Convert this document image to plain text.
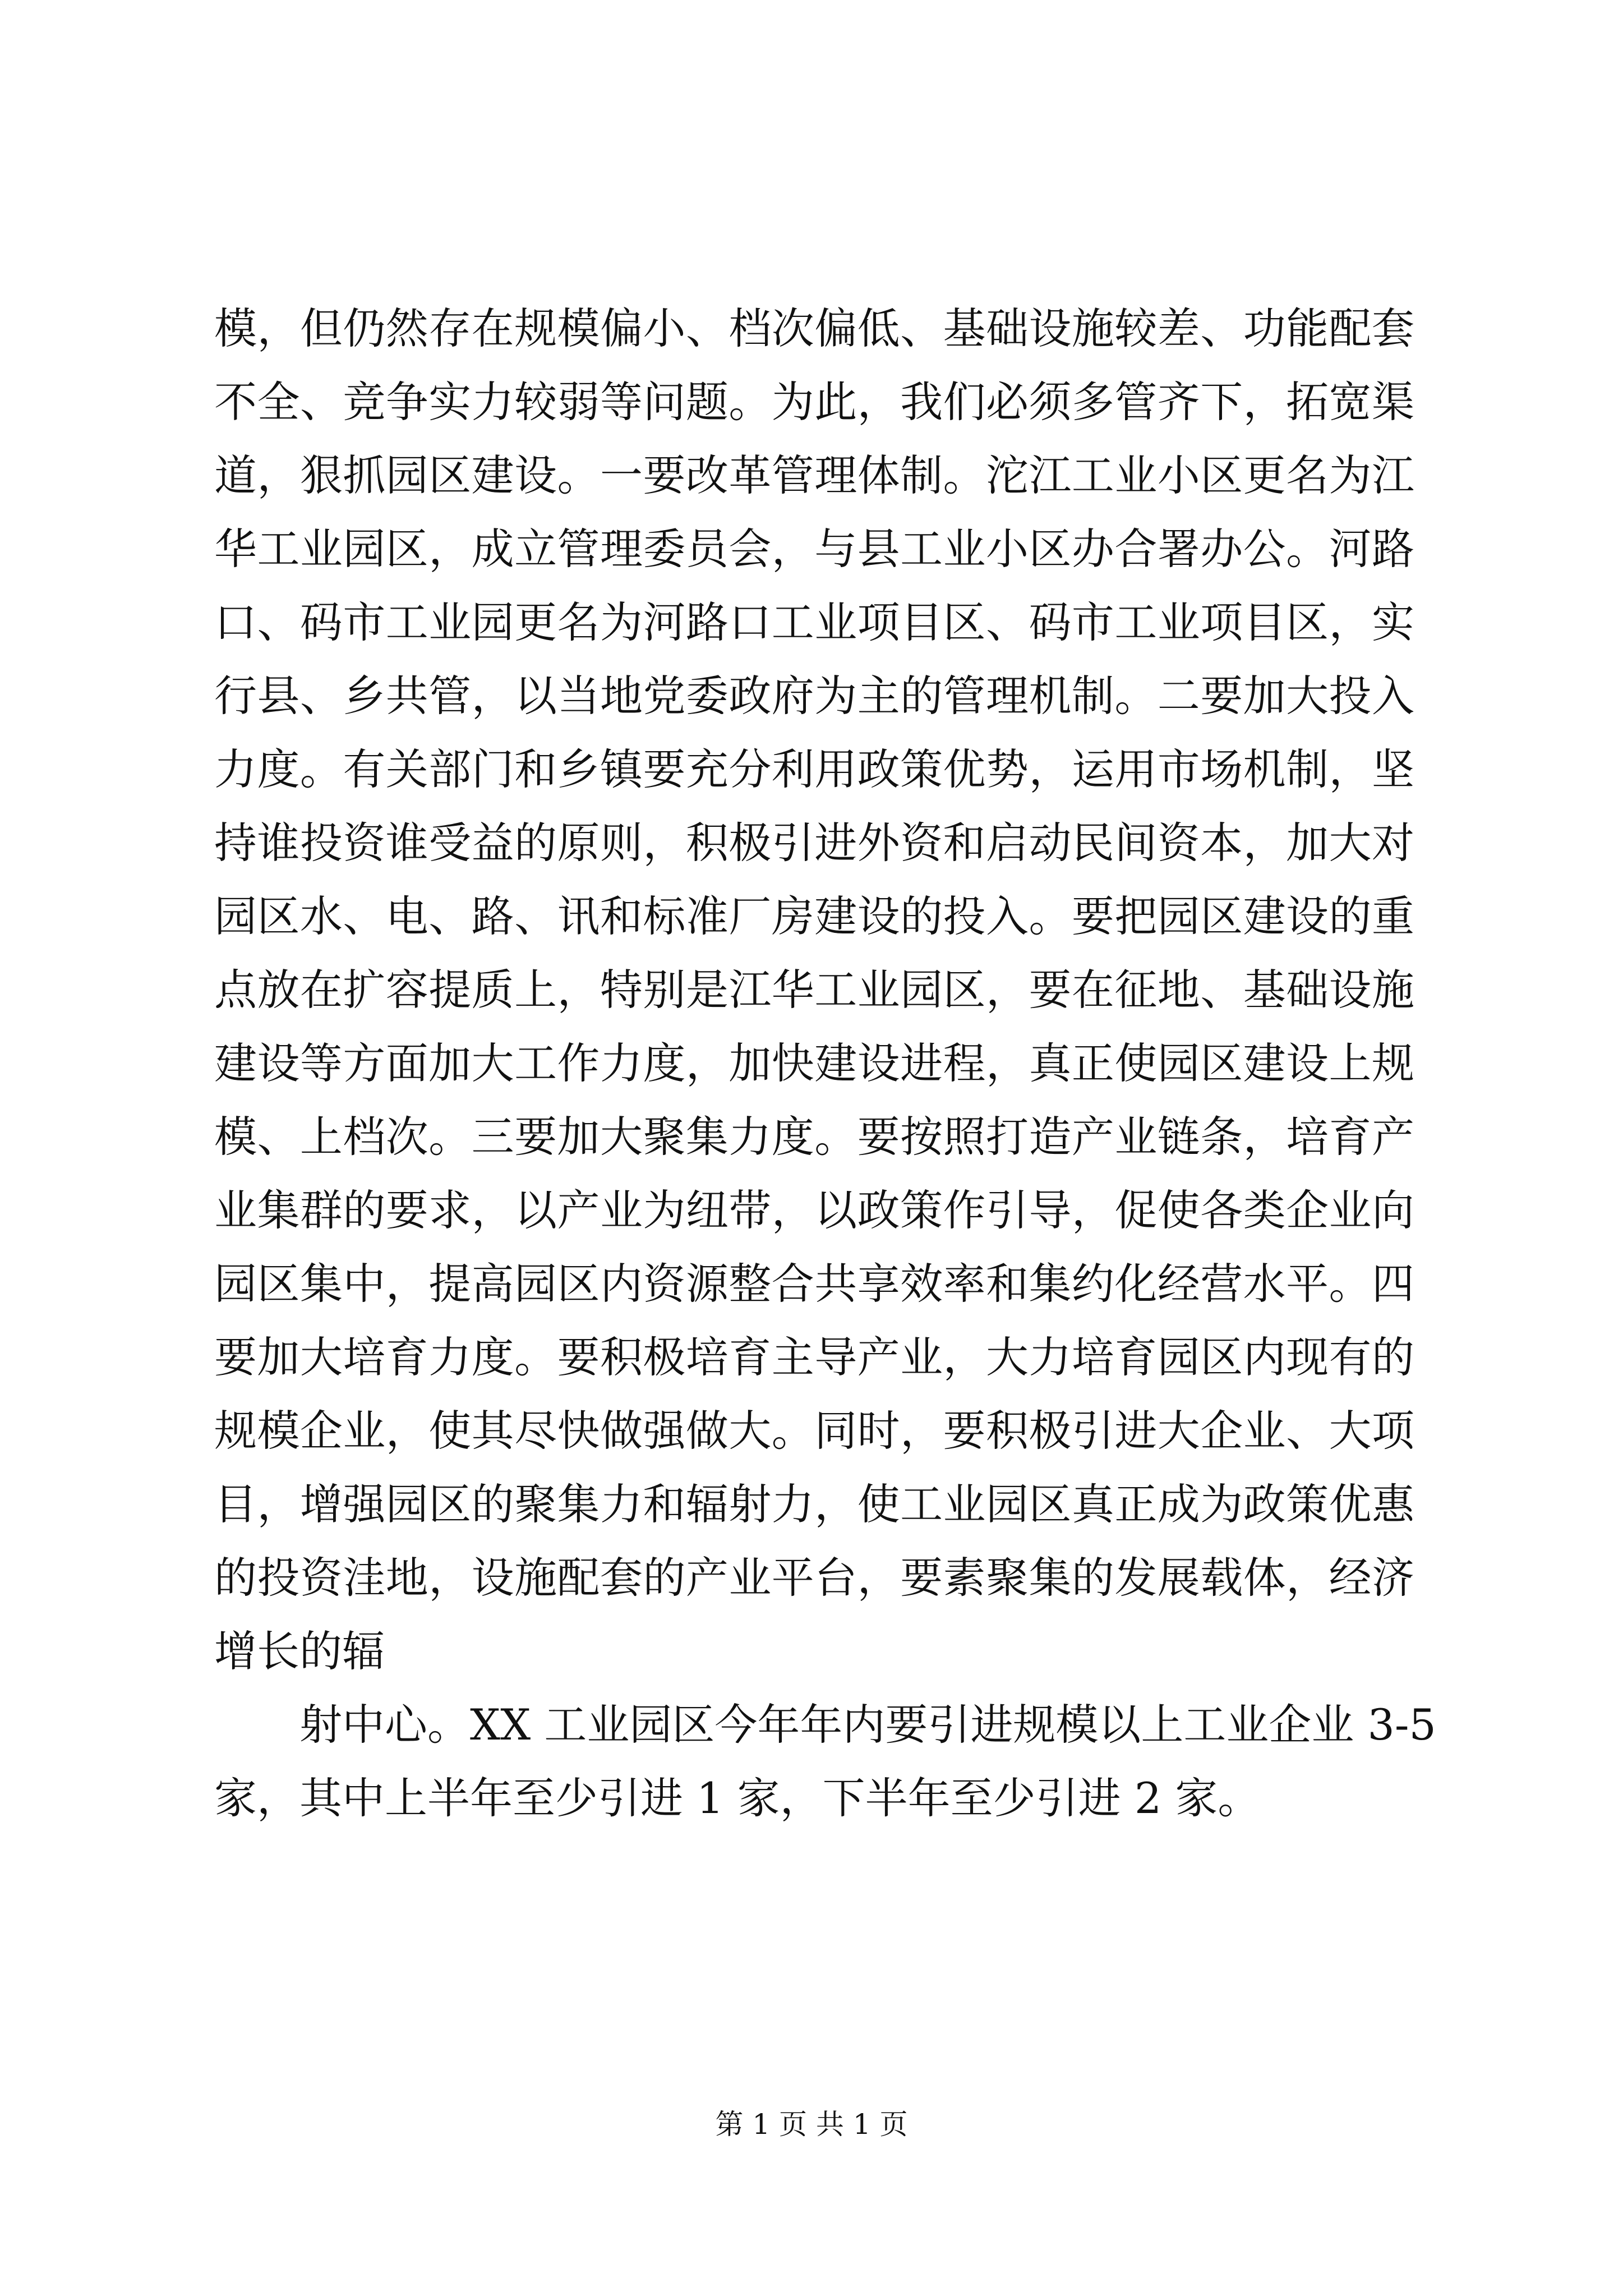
模，但仍然存在规模偏小、档次偏低、基础设施较差、功能配套
不全、竞争实力较弱等问题。为此，我们必须多管齐下，拓宽渠
道，狠抓园区建设。一要改革管理体制。沱江工业小区更名为江
华工业园区，成立管理委员会，与县工业小区办合署办公。河路
口、码市工业园更名为河路口工业项目区、码市工业项目区，实
行县、乡共管，以当地党委政府为主的管理机制。二要加大投入
力度。有关部门和乡镇要充分利用政策优势，运用市场机制，坚
持谁投资谁受益的原则，积极引进外资和启动民间资本，加大对
园区水、电、路、讯和标准厂房建设的投入。要把园区建设的重
点放在扩容提质上，特别是江华工业园区，要在征地、基础设施
建设等方面加大工作力度，加快建设进程，真正使园区建设上规
模、上档次。三要加大聚集力度。要按照打造产业链条，培育产
业集群的要求，以产业为纽带，以政策作引导，促使各类企业向
园区集中，提高园区内资源整合共享效率和集约化经营水平。四
要加大培育力度。要积极培育主导产业，大力培育园区内现有的
规模企业，使其尽快做强做大。同时，要积极引进大企业、大项
目，增强园区的聚集力和辐射力，使工业园区真正成为政策优惠
的投资洼地，设施配套的产业平台，要素聚集的发展载体，经济
增长的辐
射中心。XX 工业园区今年年内要引进规模以上工业企业 3-5
家，其中上半年至少引进 1 家，下半年至少引进 2 家。
第 1 页 共 1 页
